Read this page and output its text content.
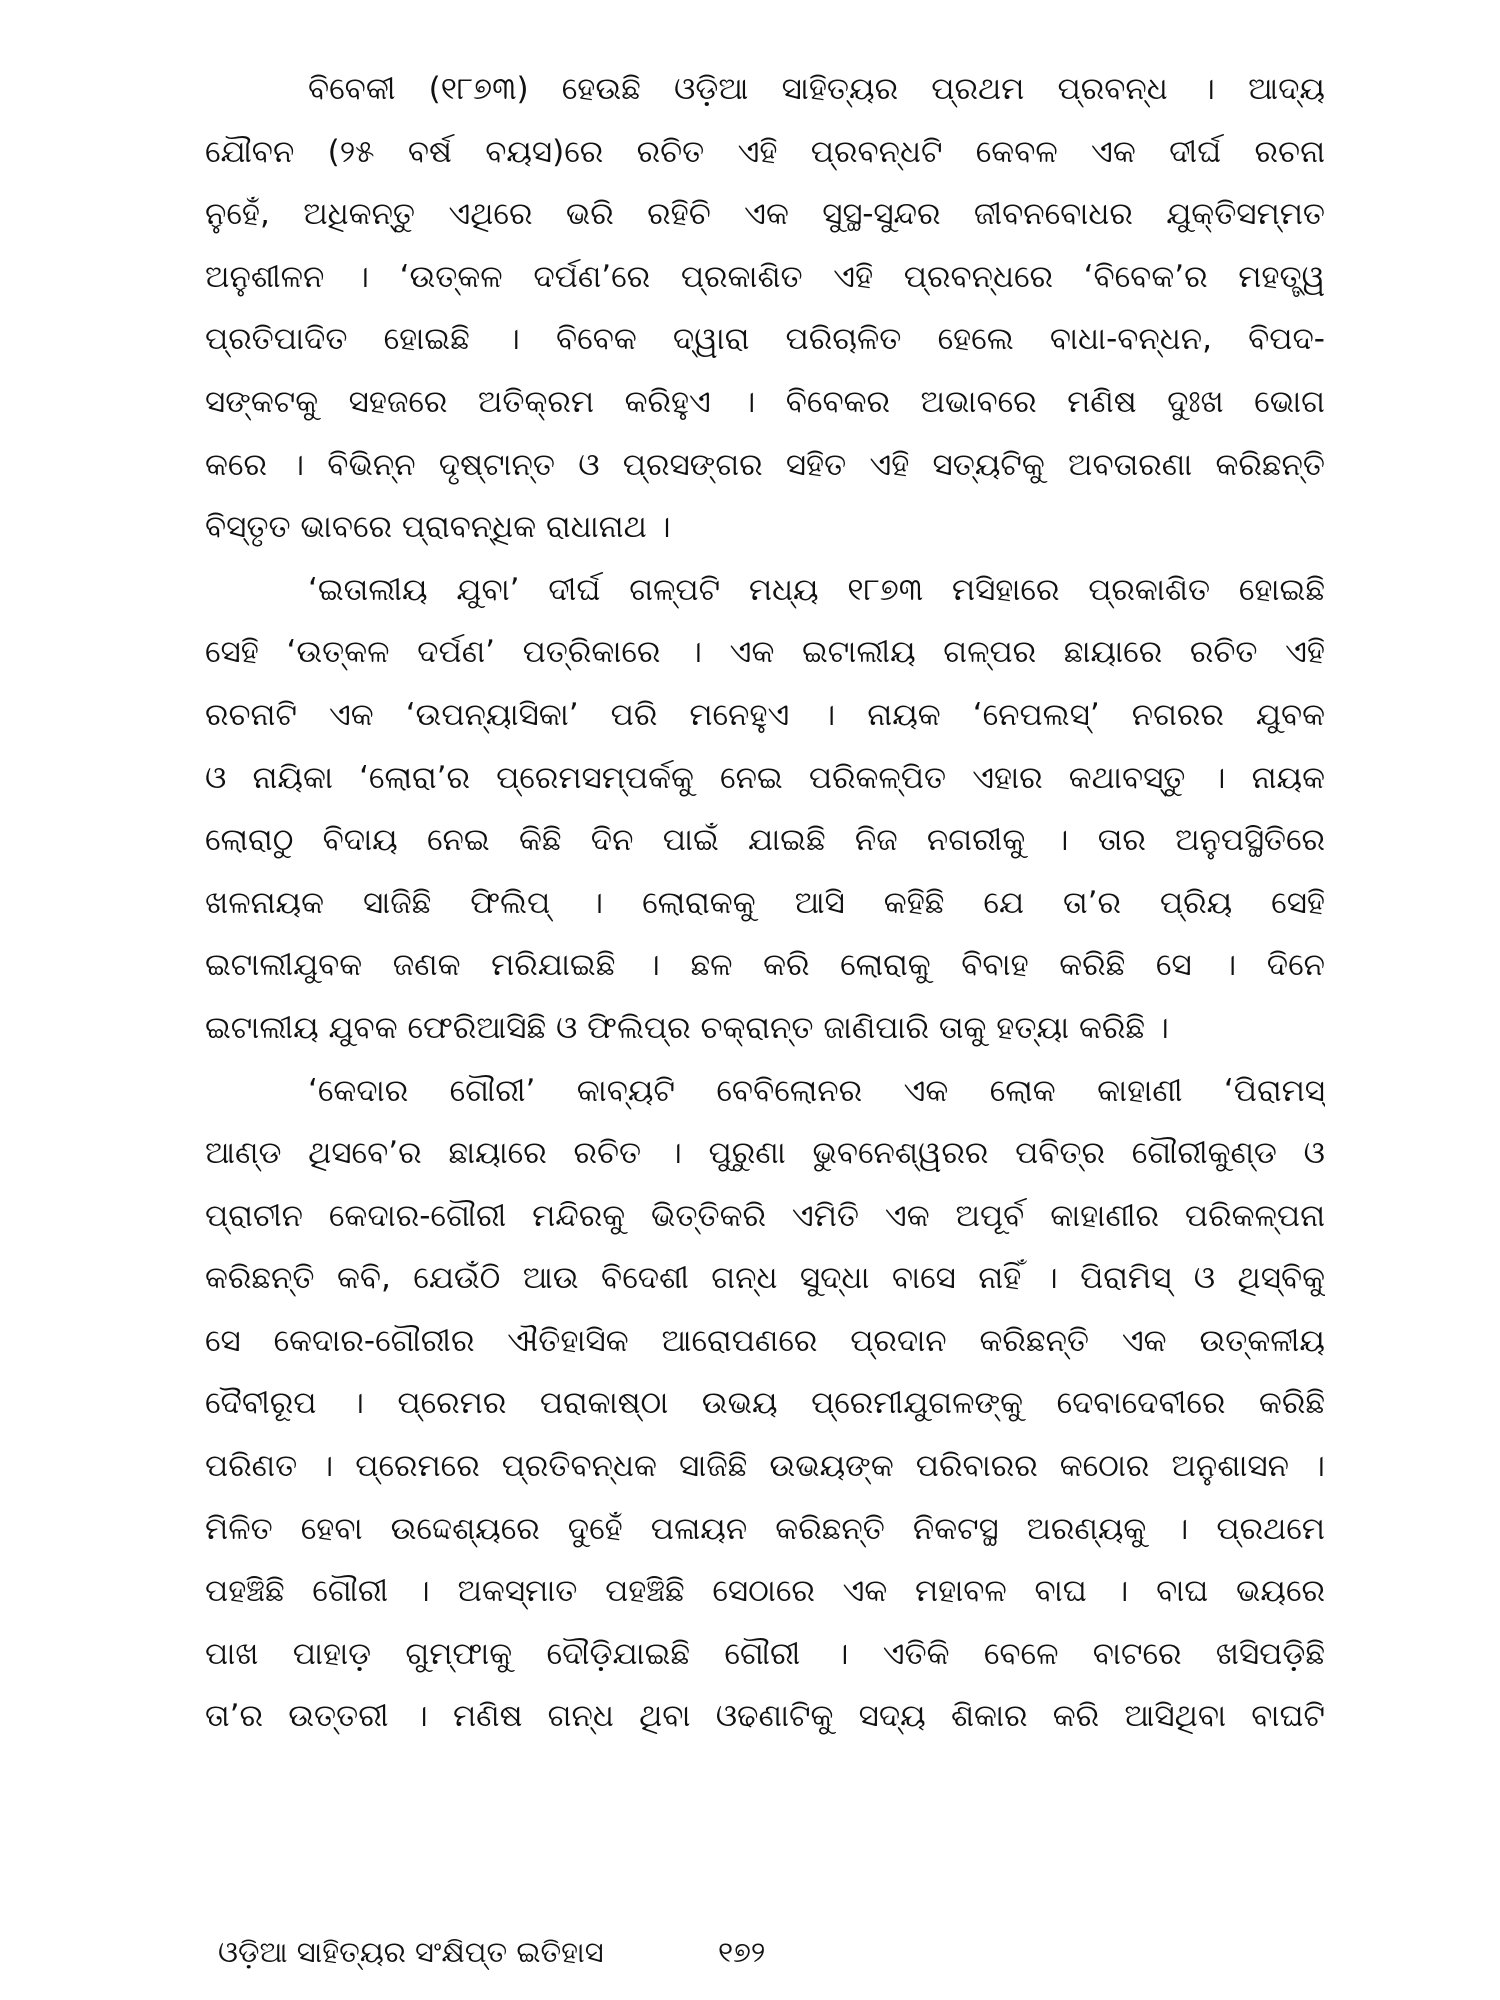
ବିବେକୀ (୧୮୭୩) ହେଉଛି ଓଡ଼ିଆ ସାହିତ୍ୟର ପ୍ରଥମ ପ୍ରବନ୍ଧ । ଆଦ୍ୟ
ଯୌବନ (୨୫ ବର୍ଷ ବୟସ)ରେ ରଚିତ ଏହି ପ୍ରବନ୍ଧଟି କେବଳ ଏକ ଦୀର୍ଘ ରଚନା
ନୁହେଁ, ଅଧିକନ୍ତୁ ଏଥିରେ ଭରି ରହିଚି ଏକ ସୁସ୍ଥ-ସୁନ୍ଦର ଜୀବନବୋଧର ଯୁକ୍ତିସମ୍ମତ
ଅନୁଶୀଳନ । ‘ଉତ୍କଳ ଦର୍ପଣ’ରେ ପ୍ରକାଶିତ ଏହି ପ୍ରବନ୍ଧରେ ‘ବିବେକ’ର ମହତ୍ତ୍ୱ
ପ୍ରତିପାଦିତ ହୋଇଛି । ବିବେକ ଦ୍ୱାରା ପରିଚାଳିତ ହେଲେ ବାଧା-ବନ୍ଧନ, ବିପଦ-
ସଙ୍କଟକୁ ସହଜରେ ଅତିକ୍ରମ କରିହୁଏ । ବିବେକର ଅଭାବରେ ମଣିଷ ଦୁଃଖ ଭୋଗ
କରେ । ବିଭିନ୍ନ ଦୃଷ୍ଟାନ୍ତ ଓ ପ୍ରସଙ୍ଗର ସହିତ ଏହି ସତ୍ୟଟିକୁ ଅବତାରଣା କରିଛନ୍ତି
ବିସ୍ତୃତ ଭାବରେ ପ୍ରାବନ୍ଧିକ ରାଧାନାଥ ।
‘ଇତାଲୀୟ ଯୁବା’ ଦୀର୍ଘ ଗଳ୍ପଟି ମଧ୍ୟ ୧୮୭୩ ମସିହାରେ ପ୍ରକାଶିତ ହୋଇଛି
ସେହି ‘ଉତ୍କଳ ଦର୍ପଣ’ ପତ୍ରିକାରେ । ଏକ ଇଟାଲୀୟ ଗଳ୍ପର ଛାୟାରେ ରଚିତ ଏହି
ରଚନାଟି ଏକ ‘ଉପନ୍ୟାସିକା’ ପରି ମନେହୁଏ । ନାୟକ ‘ନେପଲସ୍’ ନଗରର ଯୁବକ
ଓ ନାୟିକା ‘ଲୋରା’ର ପ୍ରେମସମ୍ପର୍କକୁ ନେଇ ପରିକଳ୍ପିତ ଏହାର କଥାବସ୍ତୁ । ନାୟକ
ଲୋରାଠୁ ବିଦାୟ ନେଇ କିଛି ଦିନ ପାଇଁ ଯାଇଛି ନିଜ ନଗରୀକୁ । ତାର ଅନୁପସ୍ଥିତିରେ
ଖଳନାୟକ ସାଜିଛି ଫିଲିପ୍ । ଲୋରାକକୁ ଆସି କହିଛି ଯେ ତା’ର ପ୍ରିୟ ସେହି
ଇଟାଲୀଯୁବକ ଜଣକ ମରିଯାଇଛି । ଛଳ କରି ଲୋରାକୁ ବିବାହ କରିଛି ସେ । ଦିନେ
ଇଟାଲୀୟ ଯୁବକ ଫେରିଆସିଛି ଓ ଫିଲିପ୍‌ର ଚକ୍ରାନ୍ତ ଜାଣିପାରି ତାକୁ ହତ୍ୟା କରିଛି ।
‘କେଦାର ଗୌରୀ’ କାବ୍ୟଟି ବେବିଲୋନର ଏକ ଲୋକ କାହାଣୀ ‘ପିରାମସ୍
ଆଣ୍ଡ ଥିସବେ’ର ଛାୟାରେ ରଚିତ । ପୁରୁଣା ଭୁବନେଶ୍ୱରର ପବିତ୍ର ଗୌରୀକୁଣ୍ଡ ଓ
ପ୍ରାଚୀନ କେଦାର-ଗୌରୀ ମନ୍ଦିରକୁ ଭିତ୍ତିକରି ଏମିତି ଏକ ଅପୂର୍ବ କାହାଣୀର ପରିକଳ୍ପନା
କରିଛନ୍ତି କବି, ଯେଉଁଠି ଆଉ ବିଦେଶୀ ଗନ୍ଧ ସୁଦ୍ଧା ବାସେ ନାହିଁ । ପିରାମିସ୍ ଓ ଥିସ୍‌ବିକୁ
ସେ କେଦାର-ଗୌରୀର ଐତିହାସିକ ଆରୋପଣରେ ପ୍ରଦାନ କରିଛନ୍ତି ଏକ ଉତ୍କଳୀୟ
ଦୈବୀରୂପ । ପ୍ରେମର ପରାକାଷ୍ଠା ଉଭୟ ପ୍ରେମୀଯୁଗଳଙ୍କୁ ଦେବାଦେବୀରେ କରିଛି
ପରିଣତ । ପ୍ରେମରେ ପ୍ରତିବନ୍ଧକ ସାଜିଛି ଉଭୟଙ୍କ ପରିବାରର କଠୋର ଅନୁଶାସନ ।
ମିଳିତ ହେବା ଉଦ୍ଦେଶ୍ୟରେ ଦୁହେଁ ପଳାୟନ କରିଛନ୍ତି ନିକଟସ୍ଥ ଅରଣ୍ୟକୁ । ପ୍ରଥମେ
ପହଞ୍ଚିଛି ଗୌରୀ । ଅକସ୍ମାତ ପହଞ୍ଚିଛି ସେଠାରେ ଏକ ମହାବଳ ବାଘ । ବାଘ ଭୟରେ
ପାଖ ପାହାଡ଼ ଗୁମ୍ଫାକୁ ଦୌଡ଼ିଯାଇଛି ଗୌରୀ । ଏତିକି ବେଳେ ବାଟରେ ଖସିପଡ଼ିଛି
ତା’ର ଉତ୍ତରୀ । ମଣିଷ ଗନ୍ଧ ଥିବା ଓଢଣାଟିକୁ ସଦ୍ୟ ଶିକାର କରି ଆସିଥିବା ବାଘଟି
ଓଡ଼ିଆ ସାହିତ୍ୟର ସଂକ୍ଷିପ୍ତ ଇତିହାସ	୧୭୨
